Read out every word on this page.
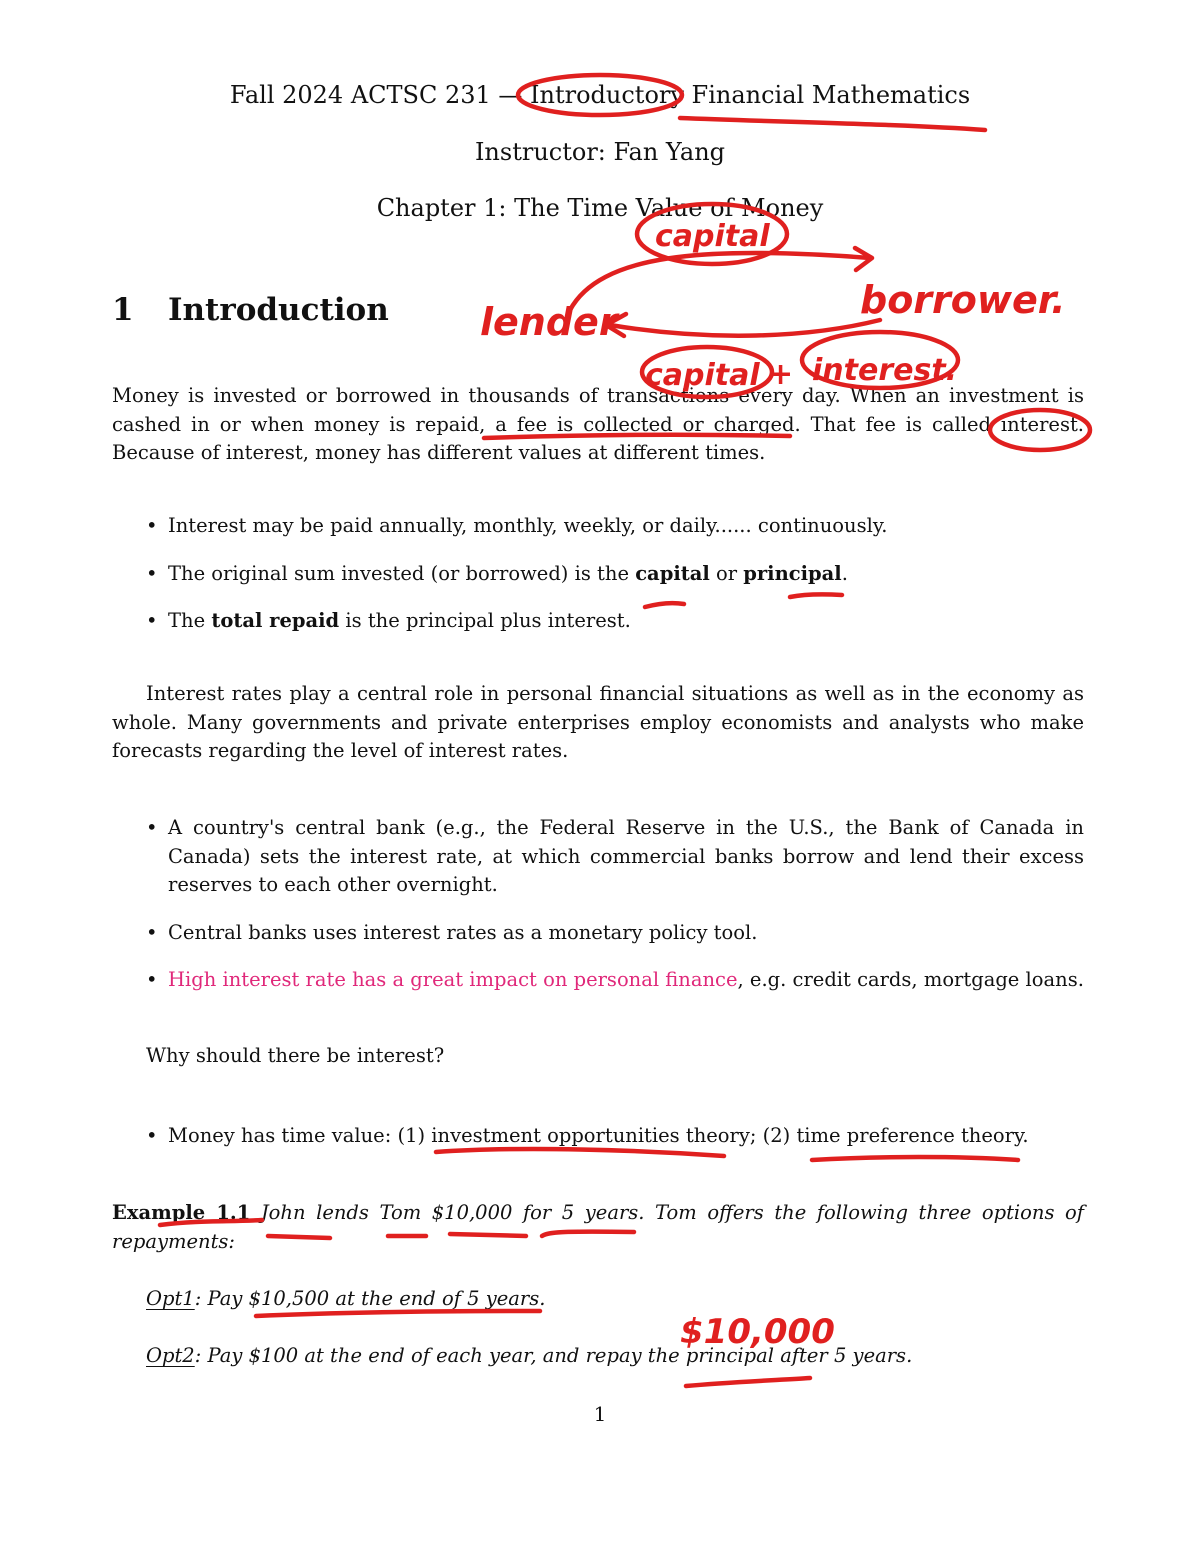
Fall 2024 ACTSC 231 — Introductory Financial Mathematics
Instructor: Fan Yang
Chapter 1: The Time Value of Money
1 Introduction
Money is invested or borrowed in thousands of transactions every day. When an investment is cashed in or when money is repaid, a fee is collected or charged. That fee is called interest. Because of interest, money has different values at different times.
• Interest may be paid annually, monthly, weekly, or daily...... continuously.
• The original sum invested (or borrowed) is the capital or principal.
• The total repaid is the principal plus interest.
Interest rates play a central role in personal financial situations as well as in the economy as whole. Many governments and private enterprises employ economists and analysts who make forecasts regarding the level of interest rates.
• A country's central bank (e.g., the Federal Reserve in the U.S., the Bank of Canada in Canada) sets the interest rate, at which commercial banks borrow and lend their excess reserves to each other overnight.
• Central banks uses interest rates as a monetary policy tool.
• High interest rate has a great impact on personal finance, e.g. credit cards, mortgage loans.
Why should there be interest?
• Money has time value: (1) investment opportunities theory; (2) time preference theory.
Example 1.1 John lends Tom $10,000 for 5 years. Tom offers the following three options of repayments:
Opt1: Pay $10,500 at the end of 5 years.
Opt2: Pay $100 at the end of each year, and repay the principal after 5 years.
1
capital
lender	borrower.
capital + interest.
$10,000
